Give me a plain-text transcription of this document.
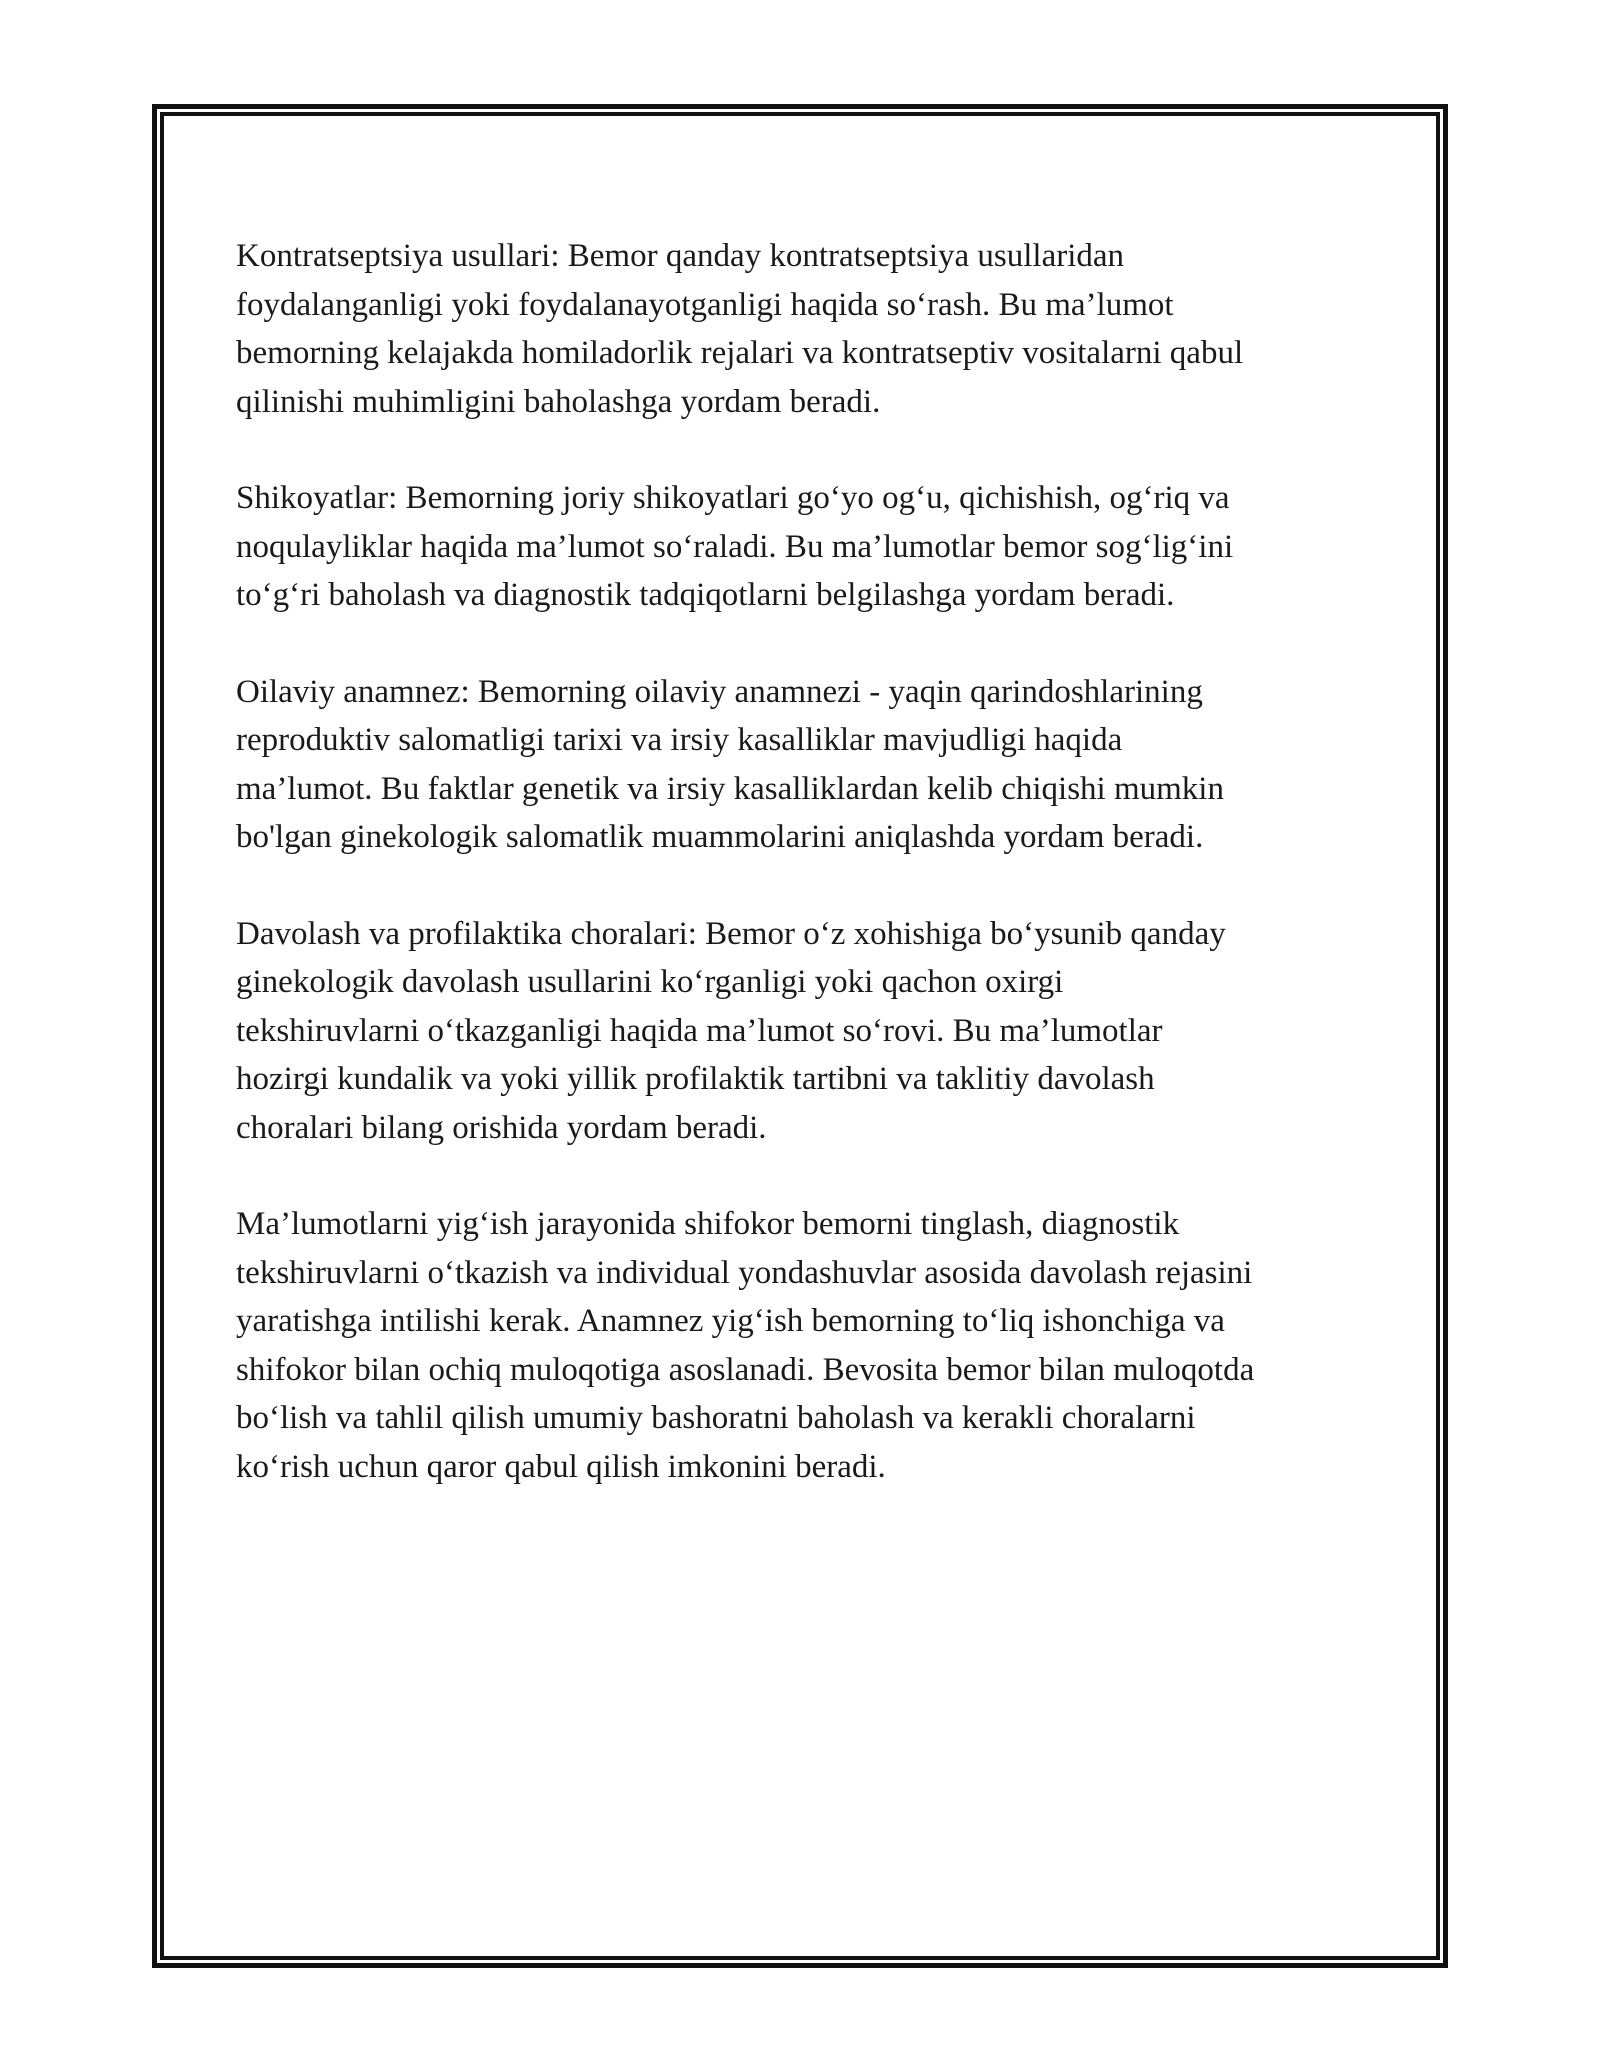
Kontratseptsiya usullari: Bemor qanday kontratseptsiya usullaridan
foydalanganligi yoki foydalanayotganligi haqida so‘rash. Bu ma’lumot
bemorning kelajakda homiladorlik rejalari va kontratseptiv vositalarni qabul
qilinishi muhimligini baholashga yordam beradi.

Shikoyatlar: Bemorning joriy shikoyatlari go‘yo og‘u, qichishish, og‘riq va
noqulayliklar haqida ma’lumot so‘raladi. Bu ma’lumotlar bemor sog‘lig‘ini
to‘g‘ri baholash va diagnostik tadqiqotlarni belgilashga yordam beradi.

Oilaviy anamnez: Bemorning oilaviy anamnezi - yaqin qarindoshlarining
reproduktiv salomatligi tarixi va irsiy kasalliklar mavjudligi haqida
ma’lumot. Bu faktlar genetik va irsiy kasalliklardan kelib chiqishi mumkin
bo'lgan ginekologik salomatlik muammolarini aniqlashda yordam beradi.

Davolash va profilaktika choralari: Bemor o‘z xohishiga bo‘ysunib qanday
ginekologik davolash usullarini ko‘rganligi yoki qachon oxirgi
tekshiruvlarni o‘tkazganligi haqida ma’lumot so‘rovi. Bu ma’lumotlar
hozirgi kundalik va yoki yillik profilaktik tartibni va taklitiy davolash
choralari bilang orishida yordam beradi.

Ma’lumotlarni yig‘ish jarayonida shifokor bemorni tinglash, diagnostik
tekshiruvlarni o‘tkazish va individual yondashuvlar asosida davolash rejasini
yaratishga intilishi kerak. Anamnez yig‘ish bemorning to‘liq ishonchiga va
shifokor bilan ochiq muloqotiga asoslanadi. Bevosita bemor bilan muloqotda
bo‘lish va tahlil qilish umumiy bashoratni baholash va kerakli choralarni
ko‘rish uchun qaror qabul qilish imkonini beradi.
